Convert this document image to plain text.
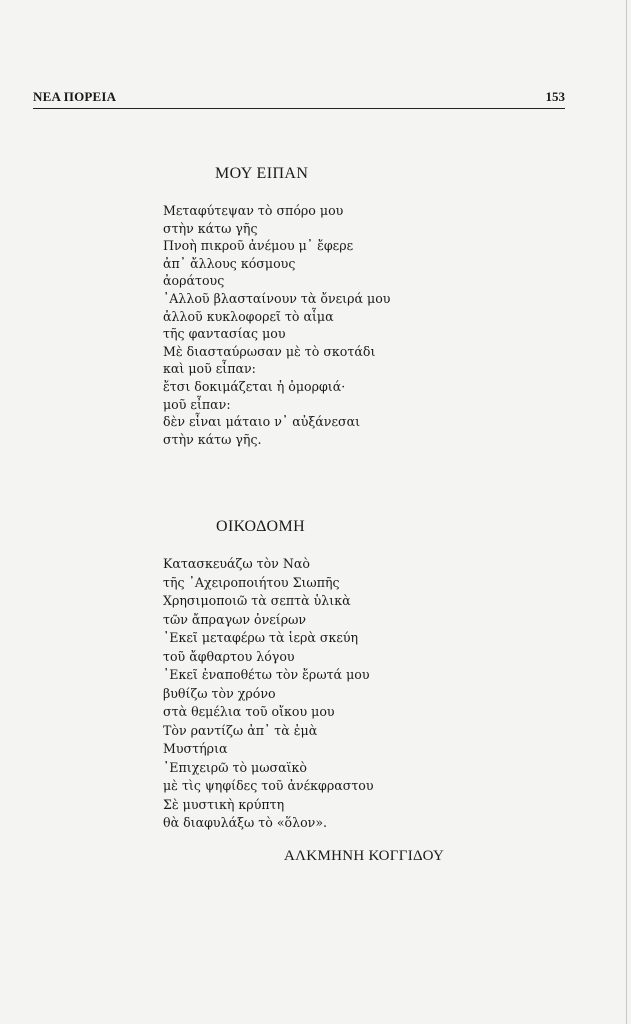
ΝΕΑ ΠΟΡΕΙΑ	153
ΜΟΥ ΕΙΠΑΝ
Μεταφύτεψαν τὸ σπόρο μου
στὴν κάτω γῆς
Πνοὴ πικροῦ ἀνέμου μ᾿ ἔφερε
ἀπ᾿ ἄλλους κόσμους
ἀοράτους
᾿Αλλοῦ βλασταίνουν τὰ ὄνειρά μου
ἀλλοῦ κυκλοφορεῖ τὸ αἷμα
τῆς φαντασίας μου
Μὲ διασταύρωσαν μὲ τὸ σκοτάδι
καὶ μοῦ εἶπαν:
ἔτσι δοκιμάζεται ἡ ὀμορφιά·
μοῦ εἶπαν:
δὲν εἶναι μάταιο ν᾿ αὐξάνεσαι
στὴν κάτω γῆς.
ΟΙΚΟΔΟΜΗ
Κατασκευάζω τὸν Ναὸ
τῆς ᾿Αχειροποιήτου Σιωπῆς
Χρησιμοποιῶ τὰ σεπτὰ ὑλικὰ
τῶν ἄπραγων ὀνείρων
᾿Εκεῖ μεταφέρω τὰ ἱερὰ σκεύη
τοῦ ἄφθαρτου λόγου
᾿Εκεῖ ἐναποθέτω τὸν ἔρωτά μου
βυθίζω τὸν χρόνο
στὰ θεμέλια τοῦ οἴκου μου
Τὸν ραντίζω ἀπ᾿ τὰ ἐμὰ
Μυστήρια
᾿Επιχειρῶ τὸ μωσαϊκὸ
μὲ τὶς ψηφίδες τοῦ ἀνέκφραστου
Σὲ μυστικὴ κρύπτη
θὰ διαφυλάξω τὸ «ὅλον».
ΑΛΚΜΗΝΗ ΚΟΓΓΙΔΟΥ
